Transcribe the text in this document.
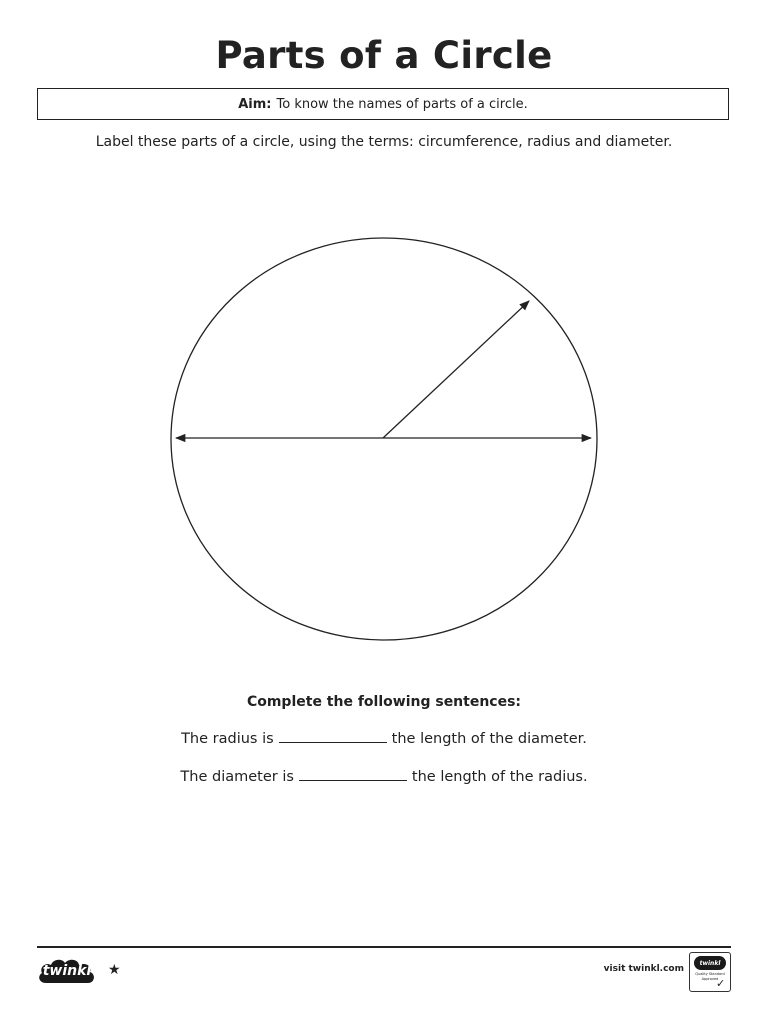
Parts of a Circle
Aim: To know the names of parts of a circle.
Label these parts of a circle, using the terms: circumference, radius and diameter.
Complete the following sentences:
The radius is	the length of the diameter.
The diameter is	the length of the radius.
twinkl	★	visit twinkl.com
twinkl
Quality Standard Approved
✓
